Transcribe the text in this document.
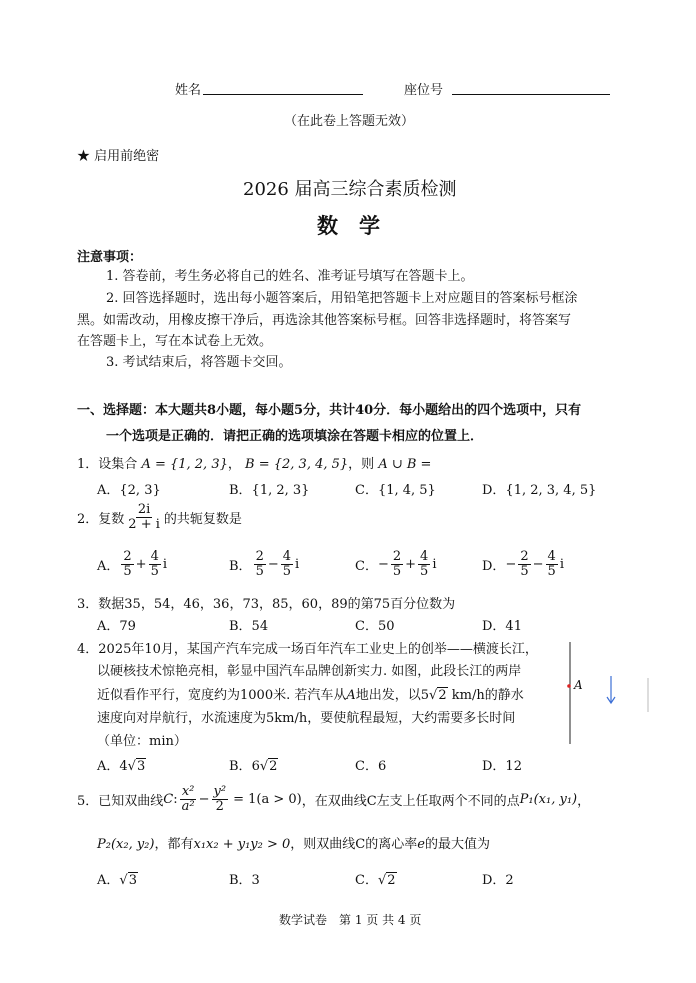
姓名	座位号
（在此卷上答题无效）
★ 启用前绝密
2026 届高三综合素质检测
数　学
注意事项：
1. 答卷前，考生务必将自己的姓名、准考证号填写在答题卡上。
2. 回答选择题时，选出每小题答案后，用铅笔把答题卡上对应题目的答案标号框涂
黑。如需改动，用橡皮擦干净后，再选涂其他答案标号框。回答非选择题时，将答案写
在答题卡上，写在本试卷上无效。
3. 考试结束后，将答题卡交回。
一、选择题：本大题共8小题，每小题5分，共计40分．每小题给出的四个选项中，只有
一个选项是正确的．请把正确的选项填涂在答题卡相应的位置上．
1．设集合 A = {1, 2, 3}， B = {2, 3, 4, 5}，则 A ∪ B =
A．{2, 3}	B．{1, 2, 3}	C．{1, 4, 5}	D．{1, 2, 3, 4, 5}
2． 复数 $\frac{2i}{2 + i}$ 的共轭复数是
A． $\frac{2}{5} + \frac{4}{5}$ i	B． $\frac{2}{5} - \frac{4}{5}$ i	C． − $\frac{2}{5} + \frac{4}{5}$ i	D． − $\frac{2}{5} - \frac{4}{5}$ i
3．数据35，54，46，36，73，85，60，89的第75百分位数为
A．79	B．54	C．50	D．41
4．2025年10月，某国产汽车完成一场百年汽车工业史上的创举——横渡长江，
以硬核技术惊艳亮相，彰显中国汽车品牌创新实力. 如图，此段长江的两岸
近似看作平行，宽度约为1000米. 若汽车从A地出发，以5√2 km/h的静水
速度向对岸航行，水流速度为5km/h，要使航程最短，大约需要多长时间
（单位：min）
A
A．4√3	B．6√2	C．6	D．12
5． 已知双曲线 C : $\frac{\text{x²}}{\text{a²}} - \frac{\text{y²}}{2} = 1(a > 0)$ ，在双曲线C左支上任取两个不同的点 P₁(x₁, y₁) ，
P₂(x₂, y₂)，都有x₁x₂ + y₁y₂ > 0，则双曲线C的离心率e的最大值为
A．√3	B．3	C．√2	D．2
数学试卷　第 1 页 共 4 页
